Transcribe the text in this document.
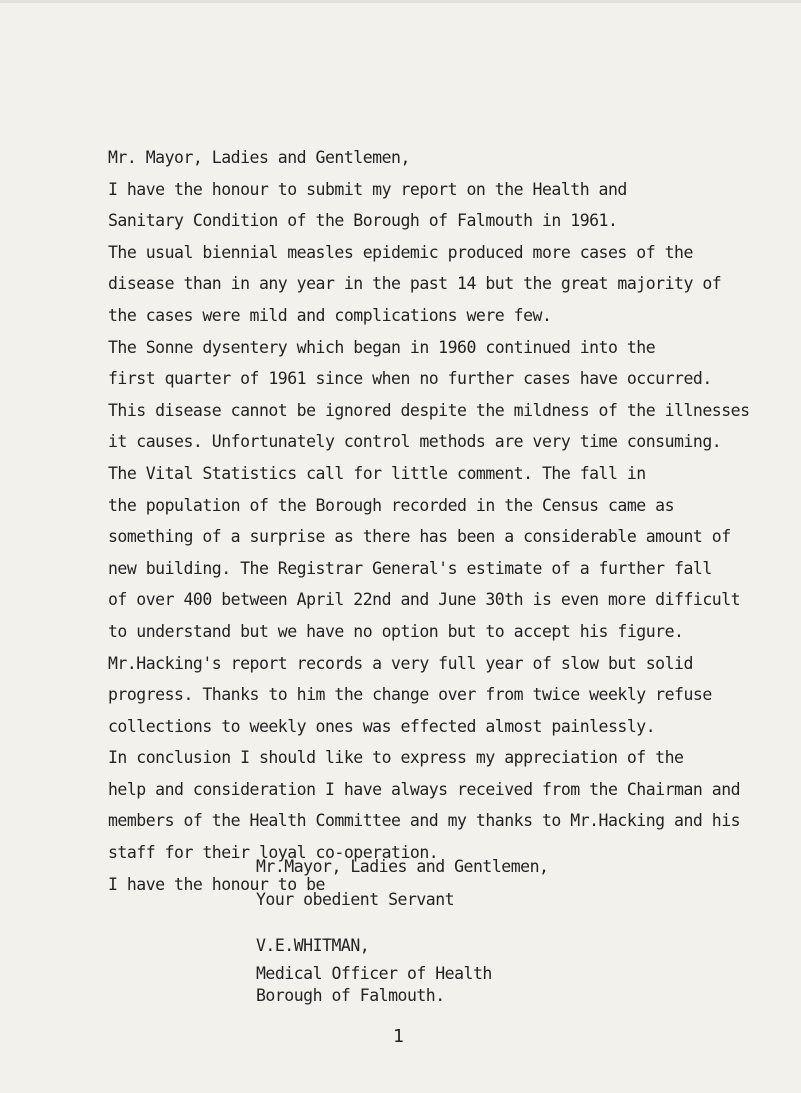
Mr. Mayor, Ladies and Gentlemen,
I have the honour to submit my report on the Health and
Sanitary Condition of the Borough of Falmouth in 1961.
The usual biennial measles epidemic produced more cases of the
disease than in any year in the past 14 but the great majority of
the cases were mild and complications were few.
The Sonne dysentery which began in 1960 continued into the
first quarter of 1961 since when no further cases have occurred.
This disease cannot be ignored despite the mildness of the illnesses
it causes. Unfortunately control methods are very time consuming.
The Vital Statistics call for little comment. The fall in
the population of the Borough recorded in the Census came as
something of a surprise as there has been a considerable amount of
new building. The Registrar General's estimate of a further fall
of over 400 between April 22nd and June 30th is even more difficult
to understand but we have no option but to accept his figure.
Mr.Hacking's report records a very full year of slow but solid
progress. Thanks to him the change over from twice weekly refuse
collections to weekly ones was effected almost painlessly.
In conclusion I should like to express my appreciation of the
help and consideration I have always received from the Chairman and
members of the Health Committee and my thanks to Mr.Hacking and his
staff for their loyal co-operation.
I have the honour to be
Mr.Mayor, Ladies and Gentlemen,
Your obedient Servant
V.E.WHITMAN,
Medical Officer of Health
Borough of Falmouth.
1
